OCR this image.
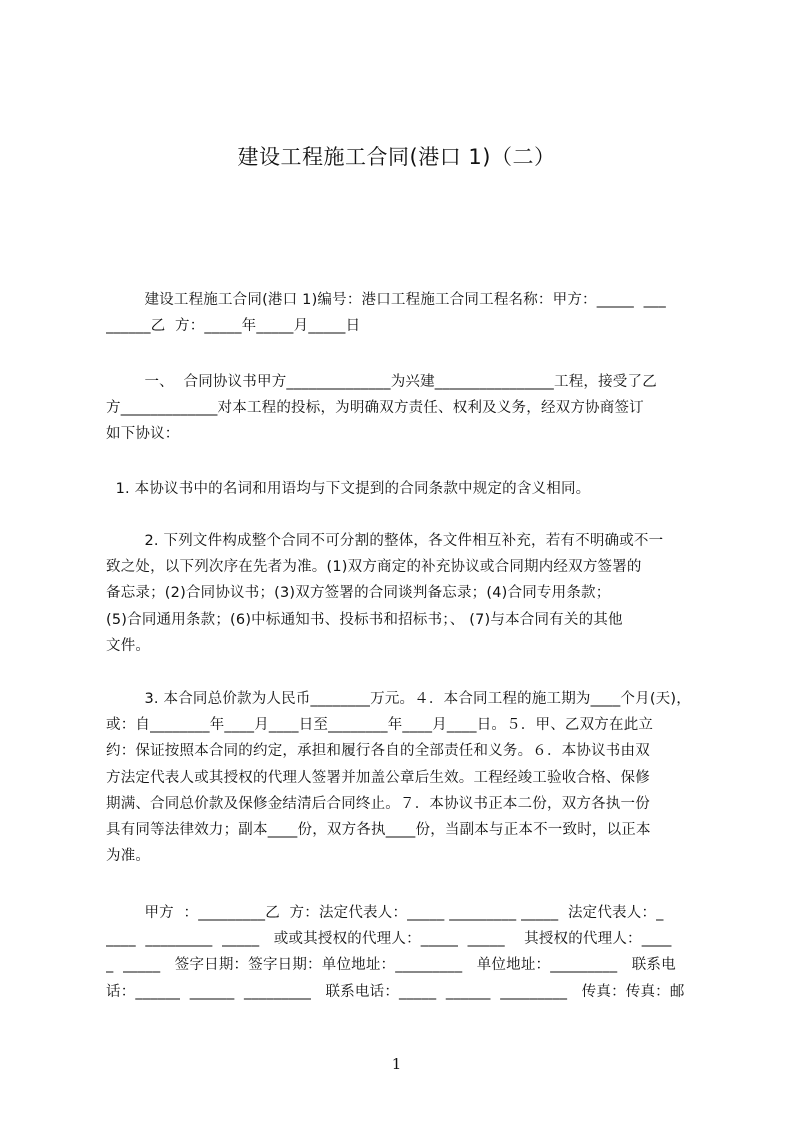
建设工程施工合同(港口 1)（二）
建设工程施工合同(港口 1)编号：港口工程施工合同工程名称：甲方：_____  ___
______乙  方：_____年_____月_____日
一、  合同协议书甲方______________为兴建________________工程，接受了乙
方_____________对本工程的投标，为明确双方责任、权利及义务，经双方协商签订
如下协议：
1. 本协议书中的名词和用语均与下文提到的合同条款中规定的含义相同。
2. 下列文件构成整个合同不可分割的整体，各文件相互补充，若有不明确或不一
致之处，以下列次序在先者为准。(1)双方商定的补充协议或合同期内经双方签署的
备忘录；(2)合同协议书；(3)双方签署的合同谈判备忘录；(4)合同专用条款；
(5)合同通用条款；(6)中标通知书、投标书和招标书；、 (7)与本合同有关的其他
文件。
3. 本合同总价款为人民币________万元。４．本合同工程的施工期为____个月(天)，
或：自________年____月____日至________年____月____日。５．甲、乙双方在此立
约：保证按照本合同的约定，承担和履行各自的全部责任和义务。６．本协议书由双
方法定代表人或其授权的代理人签署并加盖公章后生效。工程经竣工验收合格、保修
期满、合同总价款及保修金结清后合同终止。７．本协议书正本二份，双方各执一份
具有同等法律效力；副本____份，双方各执____份，当副本与正本不一致时，以正本
为准。
甲方  ：_________乙  方：法定代表人：_____ _________ _____  法定代表人：_
____  _________  _____   或或其授权的代理人：_____  _____    其授权的代理人：____
_  _____   签字日期：签字日期：单位地址：_________   单位地址：_________   联系电
话：______  ______  _________   联系电话：_____  ______  _________   传真：传真：邮
1
